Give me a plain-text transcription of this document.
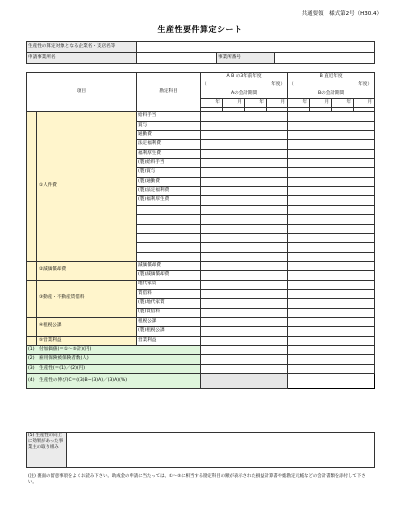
共通要領　様式第2号（H30.4）
生産性要件算定シート
生産性の算定対象となる企業名・支店名等			
申請事業所名		事業所番号	
項目		勘定科目	A B の3年前年度				B 直近年度			
			（			年度）	（			年度）
			Aの会計期間				Bの会計期間			
			年	月	年	月	年	月	年	月

	①人件費	給料手当								
		賞与								
		通勤費								
		法定福利費								
		福利厚生費								
		(製)給料手当								
		(製)賞与								
		(製)通勤費								
		(製)法定福利費								
		(製)福利厚生費								

	②減価償却費	減価償却費								
		(製)減価償却費								
	③動産・不動産賃借料	地代家賃								
		賃借料								
		(製)地代家賃								
		(製)賃借料								
	④租税公課	租税公課								
		(製)租税公課								
	⑤営業利益	営業利益								
(1)　付加価値(＝①～⑤計)(円)										
(2)　雇用保険被保険者数(人)										
(3)　生産性(＝(1)／(2)(円)										
(4)　生産性の伸び(C＝((3)B−(3)A)／(3)A)(%)										
(5) 生産性の向上に効果があった事業主の取り組み	
(注) 裏面の留意事項をよくお読み下さい。助成金の申請に当たっては、①～⑤に相当する勘定科目の額が表示された損益計算書や総勘定元帳などの会計書類を添付して下さい。
